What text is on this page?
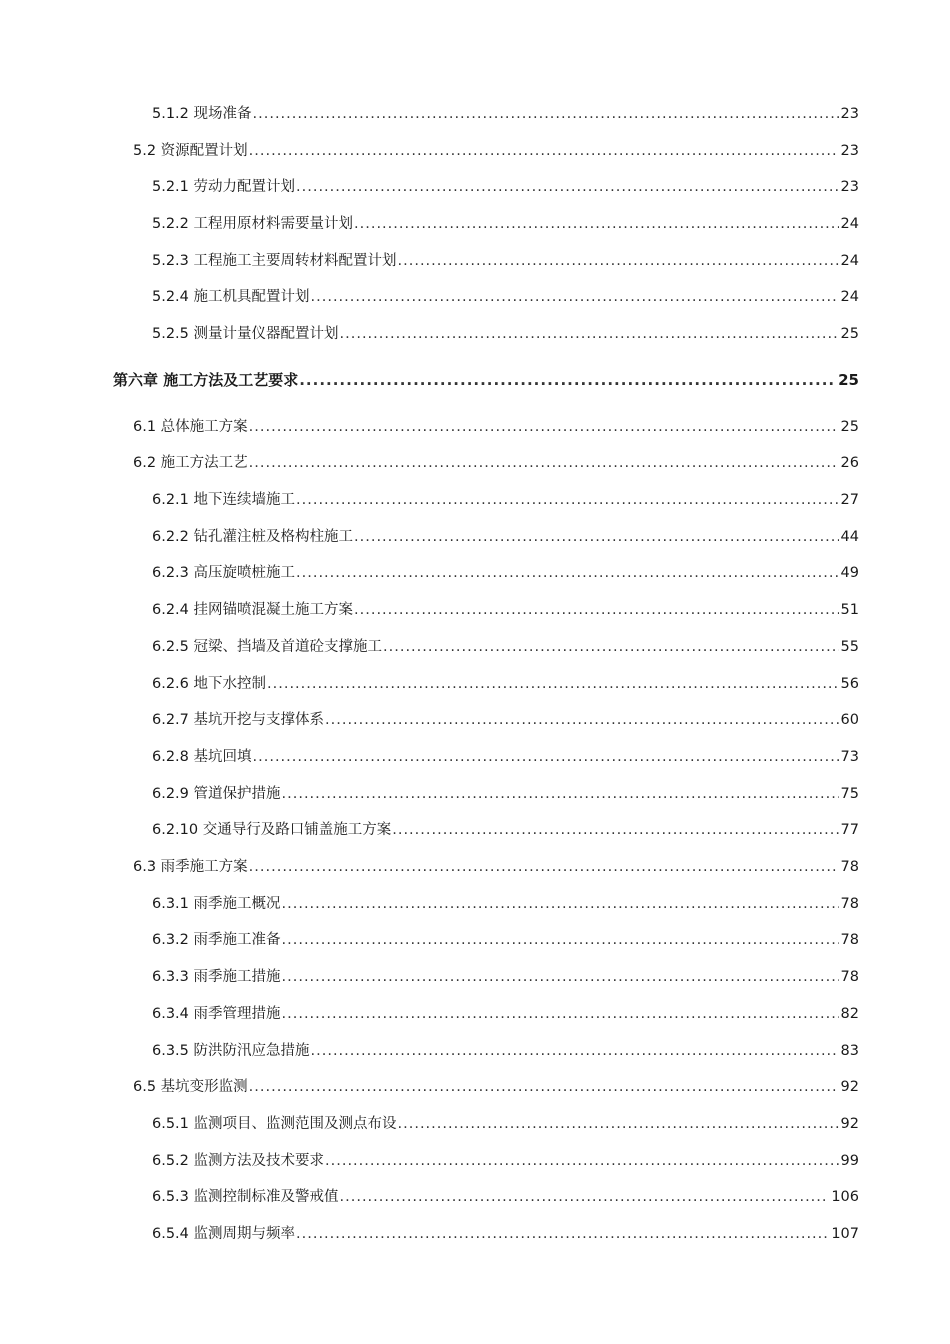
5.1.2 现场准备 .....	23
5.2 资源配置计划 .....	23
5.2.1 劳动力配置计划 .....	23
5.2.2 工程用原材料需要量计划 .....	24
5.2.3 工程施工主要周转材料配置计划 .....	24
5.2.4 施工机具配置计划 .....	24
5.2.5 测量计量仪器配置计划 .....	25
第六章 施工方法及工艺要求 .....	25
6.1 总体施工方案 .....	25
6.2 施工方法工艺 .....	26
6.2.1 地下连续墙施工 .....	27
6.2.2 钻孔灌注桩及格构柱施工 .....	44
6.2.3 高压旋喷桩施工 .....	49
6.2.4 挂网锚喷混凝土施工方案 .....	51
6.2.5 冠梁、挡墙及首道砼支撑施工 .....	55
6.2.6 地下水控制 .....	56
6.2.7 基坑开挖与支撑体系 .....	60
6.2.8 基坑回填 .....	73
6.2.9 管道保护措施 .....	75
6.2.10 交通导行及路口铺盖施工方案 .....	77
6.3 雨季施工方案 .....	78
6.3.1 雨季施工概况 .....	78
6.3.2 雨季施工准备 .....	78
6.3.3 雨季施工措施 .....	78
6.3.4 雨季管理措施 .....	82
6.3.5 防洪防汛应急措施 .....	83
6.5 基坑变形监测 .....	92
6.5.1 监测项目、监测范围及测点布设 .....	92
6.5.2 监测方法及技术要求 .....	99
6.5.3 监测控制标准及警戒值 .....	106
6.5.4 监测周期与频率 .....	107
